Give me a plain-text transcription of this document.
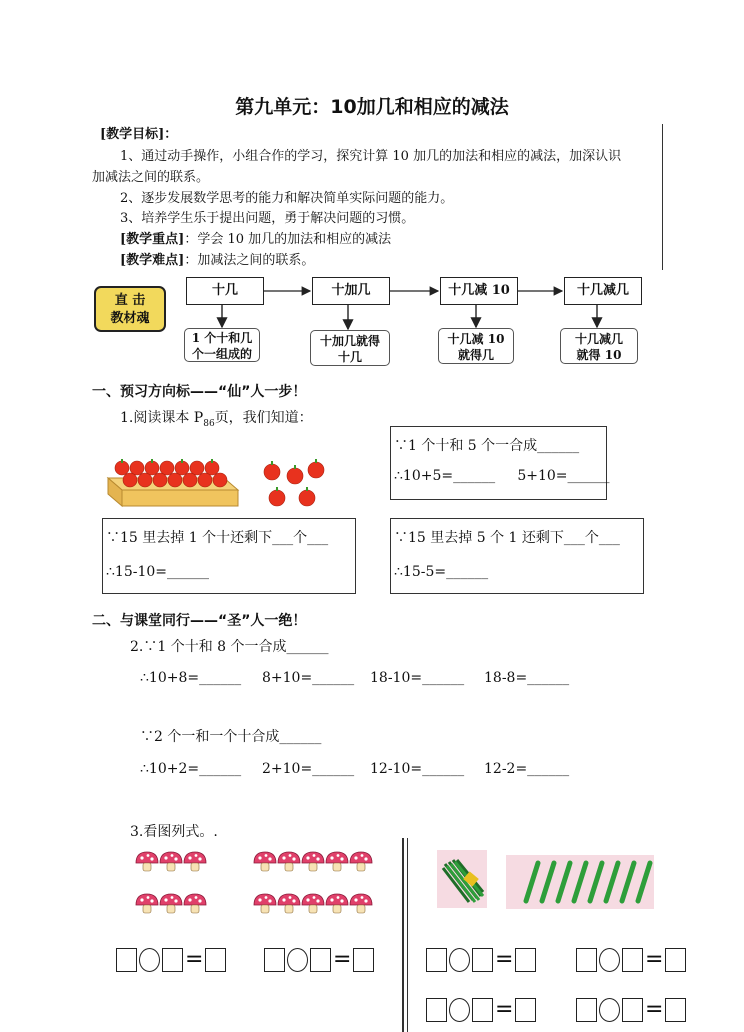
第九单元：10加几和相应的减法
[教学目标]：
1、通过动手操作，小组合作的学习，探究计算 10 加几的加法和相应的减法，加深认识
加减法之间的联系。
2、逐步发展数学思考的能力和解决简单实际问题的能力。
3、培养学生乐于提出问题，勇于解决问题的习惯。
[教学重点]：学会 10 加几的加法和相应的减法
[教学难点]：加减法之间的联系。
直 击
教材魂
十几	十加几	十几减 10	十几减几
1 个十和几
个一组成的
十加几就得
十几
十几减 10
就得几
十几减几
就得 10
一、预习方向标——“仙”人一步！
1.阅读课本 $P_{86}$页，我们知道：
∵1 个十和 5 个一合成______
∴10+5=______     5+10=______
∵15 里去掉 1 个十还剩下___个___
∴15-10=______
∵15 里去掉 5 个 1 还剩下___个___
∴15-5=______
二、与课堂同行——“圣”人一绝！
2.∵1 个十和 8 个一合成______
∴10+8=______ 8+10=______ 18-10=______ 18-8=______
∵2 个一和一个十合成______
∴10+2=______ 2+10=______ 12-10=______ 12-2=______
3.看图列式。.
=	=	=	=
=	=
